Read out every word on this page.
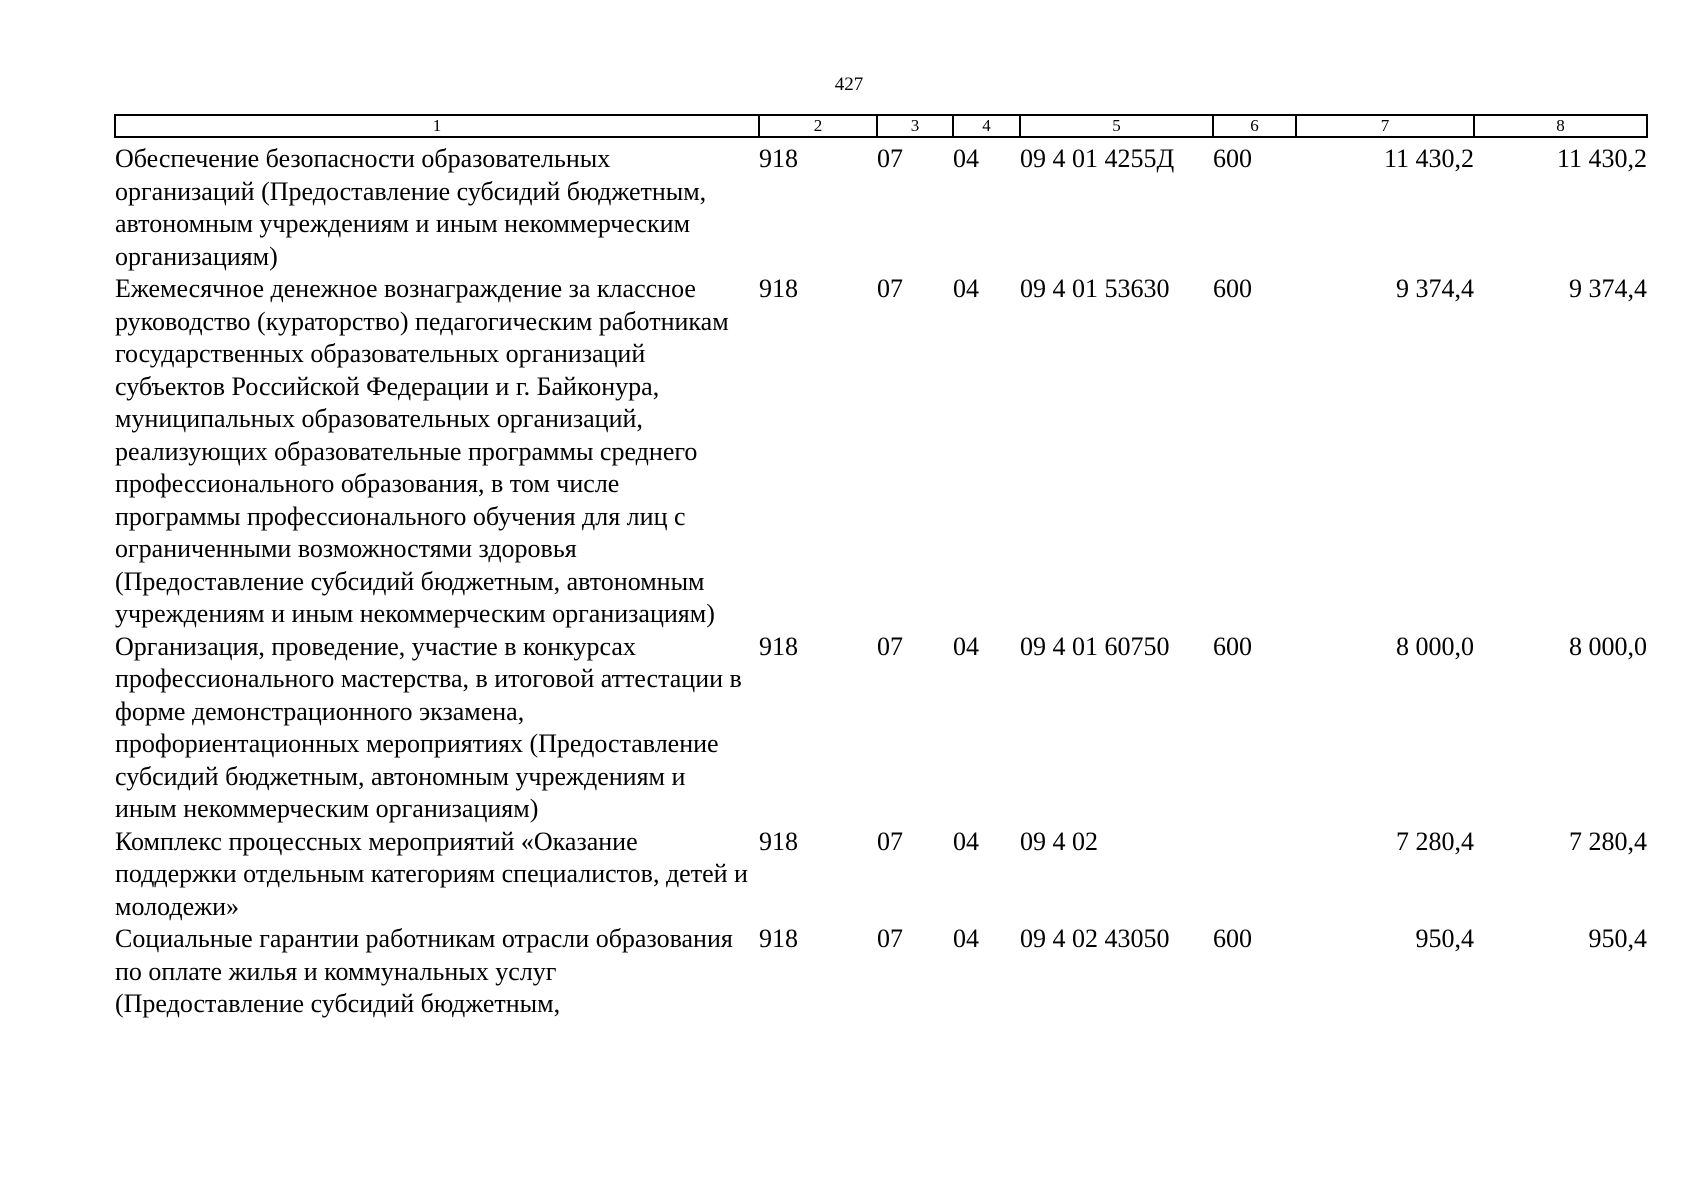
427
1	2	3	4	5	6	7	8
Обеспечение безопасности образовательных организаций (Предоставление субсидий бюджетным, автономным учреждениям и иным некоммерческим организациям)	918	07	04	09 4 01 4255Д	600	11 430,2	11 430,2
Ежемесячное денежное вознаграждение за классное руководство (кураторство) педагогическим работникам государственных образовательных организаций субъектов Российской Федерации и г. Байконура, муниципальных образовательных организаций, реализующих образовательные программы среднего профессионального образования, в том числе программы профессионального обучения для лиц с ограниченными возможностями здоровья (Предоставление субсидий бюджетным, автономным учреждениям и иным некоммерческим организациям)	918	07	04	09 4 01 53630	600	9 374,4	9 374,4
Организация, проведение, участие в конкурсах профессионального мастерства, в итоговой аттестации в форме демонстрационного экзамена, профориентационных мероприятиях (Предоставление субсидий бюджетным, автономным учреждениям и иным некоммерческим организациям)	918	07	04	09 4 01 60750	600	8 000,0	8 000,0
Комплекс процессных мероприятий «Оказание поддержки отдельным категориям специалистов, детей и молодежи»	918	07	04	09 4 02		7 280,4	7 280,4
Социальные гарантии работникам отрасли образования по оплате жилья и коммунальных услуг (Предоставление субсидий бюджетным,	918	07	04	09 4 02 43050	600	950,4	950,4
